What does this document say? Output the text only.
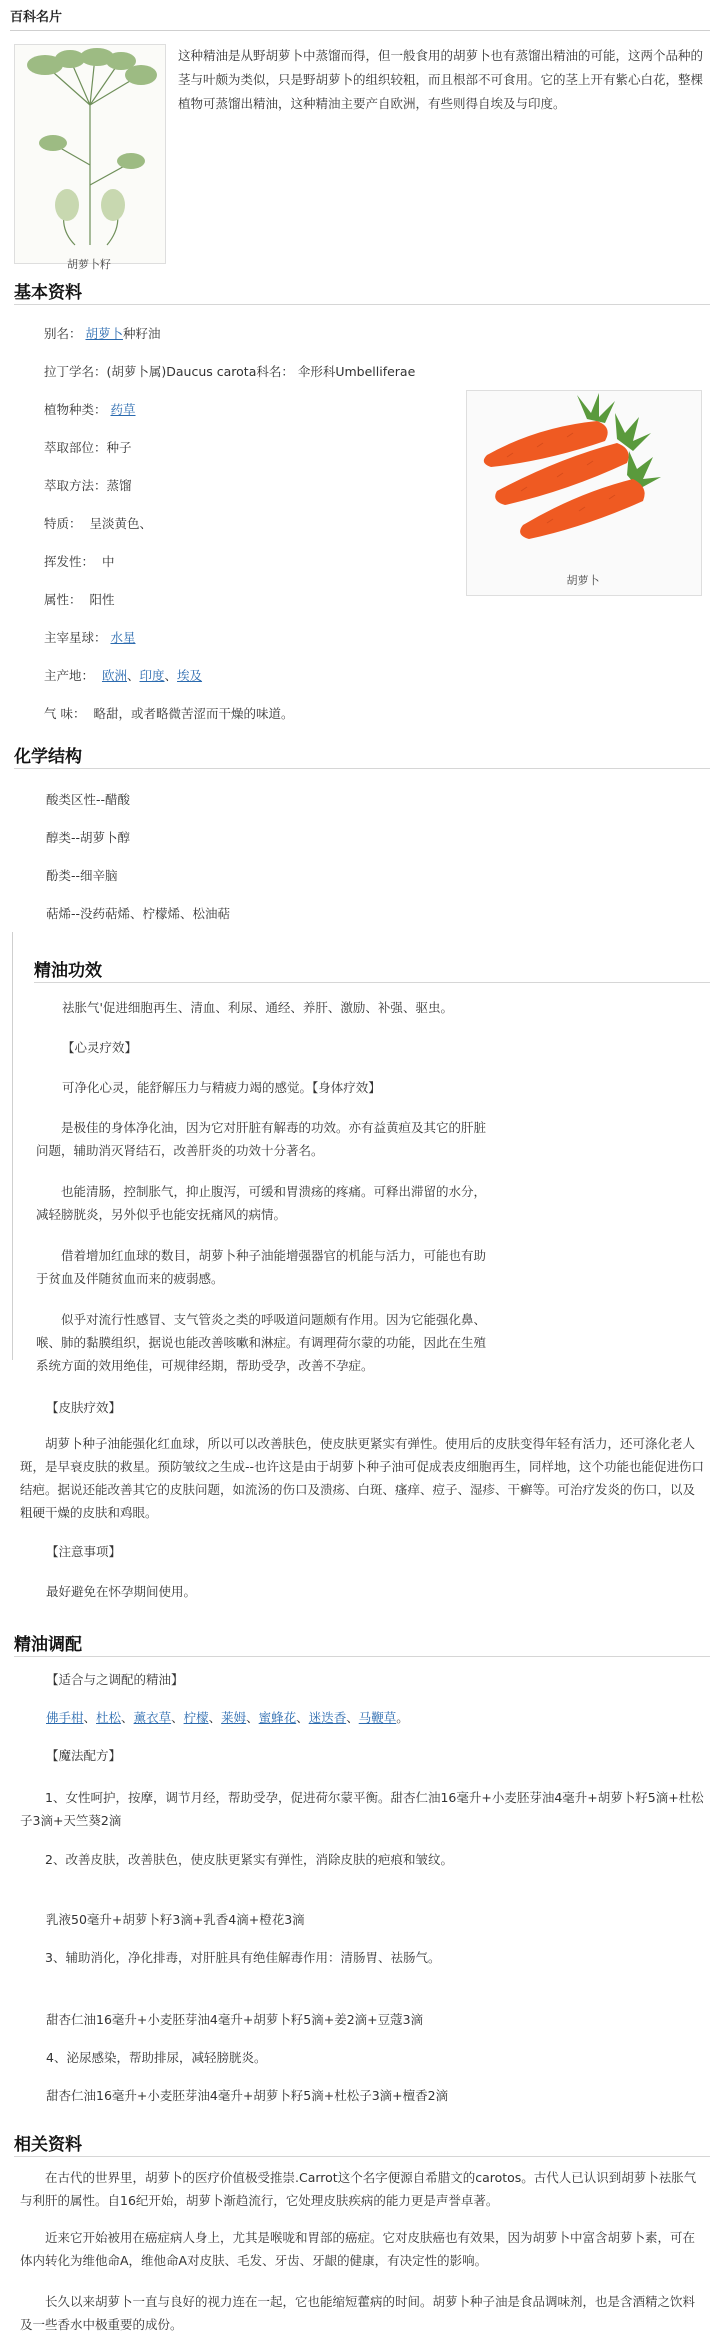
百科名片
胡萝卜籽
这种精油是从野胡萝卜中蒸馏而得，但一般食用的胡萝卜也有蒸馏出精油的可能，这两个品种的茎与叶颇为类似，只是野胡萝卜的组织较粗，而且根部不可食用。它的茎上开有紫心白花，整棵植物可蒸馏出精油，这种精油主要产自欧洲，有些则得自埃及与印度。
基本资料
别名： 胡萝卜种籽油
拉丁学名：(胡萝卜属)Daucus carota科名： 伞形科Umbelliferae
植物种类： 药草
萃取部位：种子
萃取方法：蒸馏
特质： 呈淡黄色、
挥发性： 中
属性： 阳性
主宰星球： 水星
主产地： 欧洲、印度、埃及
气 味： 略甜，或者略微苦涩而干燥的味道。
胡萝卜
化学结构
酸类区性--醋酸
醇类--胡萝卜醇
酚类--细辛脑
萜烯--没药萜烯、柠檬烯、松油萜
精油功效
祛胀气'促进细胞再生、清血、利尿、通经、养肝、激励、补强、驱虫。
【心灵疗效】
可净化心灵，能舒解压力与精疲力竭的感觉。【身体疗效】
是极佳的身体净化油，因为它对肝脏有解毒的功效。亦有益黄疸及其它的肝脏问题，辅助消灭肾结石，改善肝炎的功效十分著名。
也能清肠，控制胀气，抑止腹泻，可缓和胃溃疡的疼痛。可释出滞留的水分，减轻膀胱炎，另外似乎也能安抚痛风的病情。
借着增加红血球的数目，胡萝卜种子油能增强器官的机能与活力，可能也有助于贫血及伴随贫血而来的疲弱感。
似乎对流行性感冒、支气管炎之类的呼吸道问题颇有作用。因为它能强化鼻、喉、肺的黏膜组织，据说也能改善咳嗽和淋症。有调理荷尔蒙的功能，因此在生殖系统方面的效用绝佳，可规律经期，帮助受孕，改善不孕症。
【皮肤疗效】
胡萝卜种子油能强化红血球，所以可以改善肤色，使皮肤更紧实有弹性。使用后的皮肤变得年轻有活力，还可涤化老人斑，是早衰皮肤的救星。预防皱纹之生成--也许这是由于胡萝卜种子油可促成表皮细胞再生，同样地，这个功能也能促进伤口结疤。据说还能改善其它的皮肤问题，如流汤的伤口及溃疡、白斑、瘙痒、痘子、湿疹、干癣等。可治疗发炎的伤口，以及粗硬干燥的皮肤和鸡眼。
【注意事项】
最好避免在怀孕期间使用。
精油调配
【适合与之调配的精油】
佛手柑、杜松、薰衣草、柠檬、莱姆、蜜蜂花、迷迭香、马鞭草。
【魔法配方】
1、女性呵护，按摩，调节月经，帮助受孕，促进荷尔蒙平衡。甜杏仁油16毫升+小麦胚芽油4毫升+胡萝卜籽5滴+杜松子3滴+天竺葵2滴
2、改善皮肤，改善肤色，使皮肤更紧实有弹性，消除皮肤的疤痕和皱纹。
乳液50毫升+胡萝卜籽3滴+乳香4滴+橙花3滴
3、辅助消化，净化排毒，对肝脏具有绝佳解毒作用：清肠胃、祛肠气。
甜杏仁油16毫升+小麦胚芽油4毫升+胡萝卜籽5滴+姜2滴+豆蔻3滴
4、泌尿感染，帮助排尿，减轻膀胱炎。
甜杏仁油16毫升+小麦胚芽油4毫升+胡萝卜籽5滴+杜松子3滴+檀香2滴
相关资料
在古代的世界里，胡萝卜的医疗价值极受推崇.Carrot这个名字便源自希腊文的carotos。古代人已认识到胡萝卜祛胀气与利肝的属性。自16纪开始，胡萝卜渐趋流行，它处理皮肤疾病的能力更是声誉卓著。
近来它开始被用在癌症病人身上，尤其是喉咙和胃部的癌症。它对皮肤癌也有效果，因为胡萝卜中富含胡萝卜素，可在体内转化为维他命A，维他命A对皮肤、毛发、牙齿、牙龈的健康，有决定性的影响。
长久以来胡萝卜一直与良好的视力连在一起，它也能缩短藿病的时间。胡萝卜种子油是食品调味剂，也是含酒精之饮料及一些香水中极重要的成份。
